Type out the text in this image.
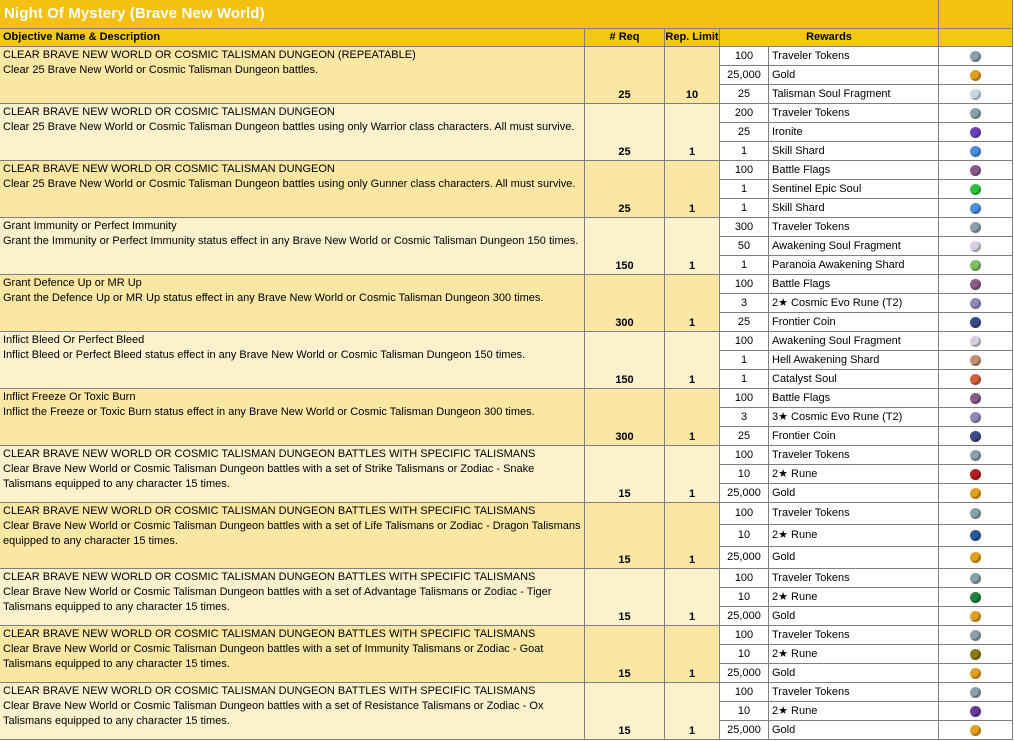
Night Of Mystery (Brave New World)
Objective Name & Description	# Req	Rep. Limit	Rewards
CLEAR BRAVE NEW WORLD OR COSMIC TALISMAN DUNGEON (REPEATABLE)
Clear 25 Brave New World or Cosmic Talisman Dungeon battles.
25	10
100	Traveler Tokens
25,000	Gold
25	Talisman Soul Fragment
CLEAR BRAVE NEW WORLD OR COSMIC TALISMAN DUNGEON
Clear 25 Brave New World or Cosmic Talisman Dungeon battles using only Warrior class characters. All must survive.
25	1
200	Traveler Tokens
25	Ironite
1	Skill Shard
CLEAR BRAVE NEW WORLD OR COSMIC TALISMAN DUNGEON
Clear 25 Brave New World or Cosmic Talisman Dungeon battles using only Gunner class characters. All must survive.
25	1
100	Battle Flags
1	Sentinel Epic Soul
1	Skill Shard
Grant Immunity or Perfect Immunity
Grant the Immunity or Perfect Immunity status effect in any Brave New World or Cosmic Talisman Dungeon 150 times.
150	1
300	Traveler Tokens
50	Awakening Soul Fragment
1	Paranoia Awakening Shard
Grant Defence Up or MR Up
Grant the Defence Up or MR Up status effect in any Brave New World or Cosmic Talisman Dungeon 300 times.
300	1
100	Battle Flags
3	2★ Cosmic Evo Rune (T2)
25	Frontier Coin
Inflict Bleed Or Perfect Bleed
Inflict Bleed or Perfect Bleed status effect in any Brave New World or Cosmic Talisman Dungeon 150 times.
150	1
100	Awakening Soul Fragment
1	Hell Awakening Shard
1	Catalyst Soul
Inflict Freeze Or Toxic Burn
Inflict the Freeze or Toxic Burn status effect in any Brave New World or Cosmic Talisman Dungeon 300 times.
300	1
100	Battle Flags
3	3★ Cosmic Evo Rune (T2)
25	Frontier Coin
CLEAR BRAVE NEW WORLD OR COSMIC TALISMAN DUNGEON BATTLES WITH SPECIFIC TALISMANS
Clear Brave New World or Cosmic Talisman Dungeon battles with a set of Strike Talismans or Zodiac - Snake Talismans equipped to any character 15 times.
15	1
100	Traveler Tokens
10	2★ Rune
25,000	Gold
CLEAR BRAVE NEW WORLD OR COSMIC TALISMAN DUNGEON BATTLES WITH SPECIFIC TALISMANS
Clear Brave New World or Cosmic Talisman Dungeon battles with a set of Life Talismans or Zodiac - Dragon Talismans equipped to any character 15 times.
15	1
100	Traveler Tokens
10	2★ Rune
25,000	Gold
CLEAR BRAVE NEW WORLD OR COSMIC TALISMAN DUNGEON BATTLES WITH SPECIFIC TALISMANS
Clear Brave New World or Cosmic Talisman Dungeon battles with a set of Advantage Talismans or Zodiac - Tiger Talismans equipped to any character 15 times.
15	1
100	Traveler Tokens
10	2★ Rune
25,000	Gold
CLEAR BRAVE NEW WORLD OR COSMIC TALISMAN DUNGEON BATTLES WITH SPECIFIC TALISMANS
Clear Brave New World or Cosmic Talisman Dungeon battles with a set of Immunity Talismans or Zodiac - Goat Talismans equipped to any character 15 times.
15	1
100	Traveler Tokens
10	2★ Rune
25,000	Gold
CLEAR BRAVE NEW WORLD OR COSMIC TALISMAN DUNGEON BATTLES WITH SPECIFIC TALISMANS
Clear Brave New World or Cosmic Talisman Dungeon battles with a set of Resistance Talismans or Zodiac - Ox Talismans equipped to any character 15 times.
15	1
100	Traveler Tokens
10	2★ Rune
25,000	Gold
